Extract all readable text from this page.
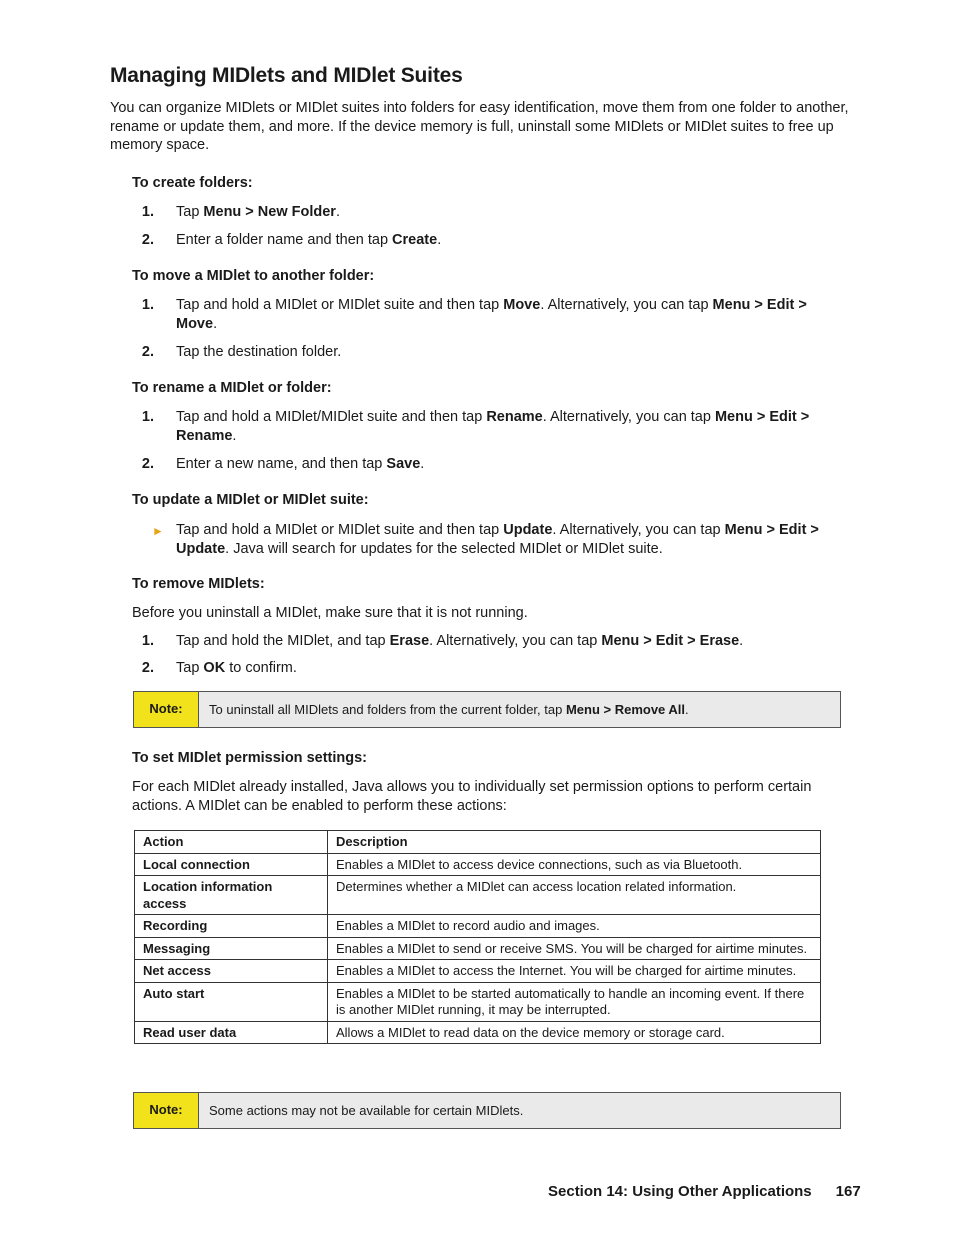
Managing MIDlets and MIDlet Suites

You can organize MIDlets or MIDlet suites into folders for easy identification, move them from one folder to another, rename or update them, and more. If the device memory is full, uninstall some MIDlets or MIDlet suites to free up memory space.

To create folders:
1. Tap Menu > New Folder.
2. Enter a folder name and then tap Create.
To move a MIDlet to another folder:
1. Tap and hold a MIDlet or MIDlet suite and then tap Move. Alternatively, you can tap Menu > Edit > Move.
2. Tap the destination folder.
To rename a MIDlet or folder:
1. Tap and hold a MIDlet/MIDlet suite and then tap Rename. Alternatively, you can tap Menu > Edit > Rename.
2. Enter a new name, and then tap Save.
To update a MIDlet or MIDlet suite:
► Tap and hold a MIDlet or MIDlet suite and then tap Update. Alternatively, you can tap Menu > Edit > Update. Java will search for updates for the selected MIDlet or MIDlet suite.
To remove MIDlets:

Before you uninstall a MIDlet, make sure that it is not running.

1. Tap and hold the MIDlet, and tap Erase. Alternatively, you can tap Menu > Edit > Erase.
2. Tap OK to confirm.
Note:	To uninstall all MIDlets and folders from the current folder, tap Menu > Remove All.
To set MIDlet permission settings:

For each MIDlet already installed, Java allows you to individually set permission options to perform certain actions. A MIDlet can be enabled to perform these actions:

Action	Description
Local connection	Enables a MIDlet to access device connections, such as via Bluetooth.
Location information access	Determines whether a MIDlet can access location related information.
Recording	Enables a MIDlet to record audio and images.
Messaging	Enables a MIDlet to send or receive SMS. You will be charged for airtime minutes.
Net access	Enables a MIDlet to access the Internet. You will be charged for airtime minutes.
Auto start	Enables a MIDlet to be started automatically to handle an incoming event. If there is another MIDlet running, it may be interrupted.
Read user data	Allows a MIDlet to read data on the device memory or storage card.
Note:	Some actions may not be available for certain MIDlets.
Section 14: Using Other Applications 167
